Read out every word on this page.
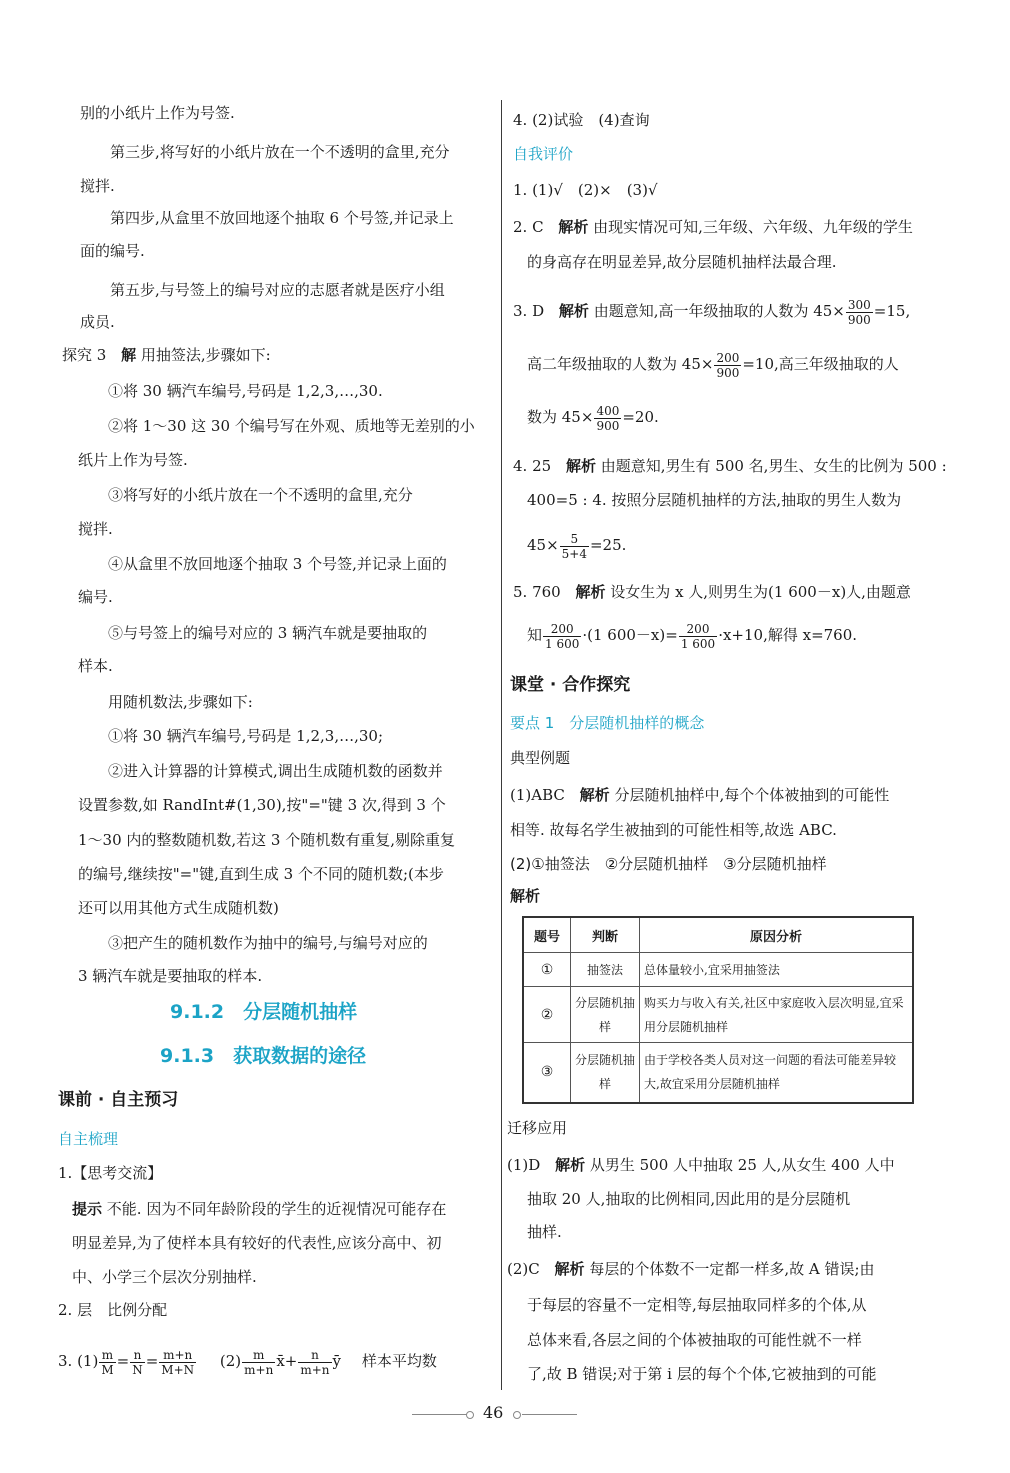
别的小纸片上作为号签.
第三步,将写好的小纸片放在一个不透明的盒里,充分
搅拌.
第四步,从盒里不放回地逐个抽取 6 个号签,并记录上
面的编号.
第五步,与号签上的编号对应的志愿者就是医疗小组
成员.
探究 3 解 用抽签法,步骤如下:
①将 30 辆汽车编号,号码是 1,2,3,…,30.
②将 1～30 这 30 个编号写在外观、质地等无差别的小
纸片上作为号签.
③将写好的小纸片放在一个不透明的盒里,充分
搅拌.
④从盒里不放回地逐个抽取 3 个号签,并记录上面的
编号.
⑤与号签上的编号对应的 3 辆汽车就是要抽取的
样本.
用随机数法,步骤如下:
①将 30 辆汽车编号,号码是 1,2,3,…,30;
②进入计算器的计算模式,调出生成随机数的函数并
设置参数,如 RandInt#(1,30),按"="键 3 次,得到 3 个
1～30 内的整数随机数,若这 3 个随机数有重复,剔除重复
的编号,继续按"="键,直到生成 3 个不同的随机数;(本步
还可以用其他方式生成随机数)
③把产生的随机数作为抽中的编号,与编号对应的
3 辆汽车就是要抽取的样本.
9.1.2　分层随机抽样
9.1.3　获取数据的途径
课前 · 自主预习
自主梳理
1.【思考交流】
提示 不能. 因为不同年龄阶段的学生的近视情况可能存在
明显差异,为了使样本具有较好的代表性,应该分高中、初
中、小学三个层次分别抽样.
2. 层　比例分配
3. $(1) \frac{m}{M} = \frac{n}{N} = \frac{m+n}{M+N} (2) \frac{m}{m+n}$ x̄+ $\frac{n}{m+n}$ ȳ 样本平均数
4. (2)试验　(4)查询
自我评价
1. (1)√　(2)×　(3)√
2. C 解析 由现实情况可知,三年级、六年级、九年级的学生
的身高存在明显差异,故分层随机抽样法最合理.
3. D 解析 由题意知,高一年级抽取的人数为 $45\times \frac{300}{900} =15$,
高二年级抽取的人数为 $45\times \frac{200}{900} =10$,高三年级抽取的人
数为 $45\times \frac{400}{900} =20$.
4. 25 解析 由题意知,男生有 500 名,男生、女生的比例为 500 :
400=5 : 4. 按照分层随机抽样的方法,抽取的男生人数为
$45\times \frac{5}{5+4} =25$.
5. 760 解析 设女生为 x 人,则男生为(1 600－x)人,由题意
知 $\frac{200}{1 600} \cdot(1$ $600-x)= \frac{200}{1 600} \cdot x+10$,解得 x=760.
课堂 · 合作探究
要点 1　分层随机抽样的概念
典型例题
(1)ABC 解析 分层随机抽样中,每个个体被抽到的可能性
相等. 故每名学生被抽到的可能性相等,故选 ABC.
(2)①抽签法　②分层随机抽样　③分层随机抽样
解析
题号	判断	原因分析
①	抽签法	总体量较小,宜采用抽签法
②	分层随机抽样	购买力与收入有关,社区中家庭收入层次明显,宜采用分层随机抽样
③	分层随机抽样	由于学校各类人员对这一问题的看法可能差异较大,故宜采用分层随机抽样
迁移应用
(1)D 解析 从男生 500 人中抽取 25 人,从女生 400 人中
抽取 20 人,抽取的比例相同,因此用的是分层随机
抽样.
(2)C 解析 每层的个体数不一定都一样多,故 A 错误;由
于每层的容量不一定相等,每层抽取同样多的个体,从
总体来看,各层之间的个体被抽取的可能性就不一样
了,故 B 错误;对于第 i 层的每个个体,它被抽到的可能
46
